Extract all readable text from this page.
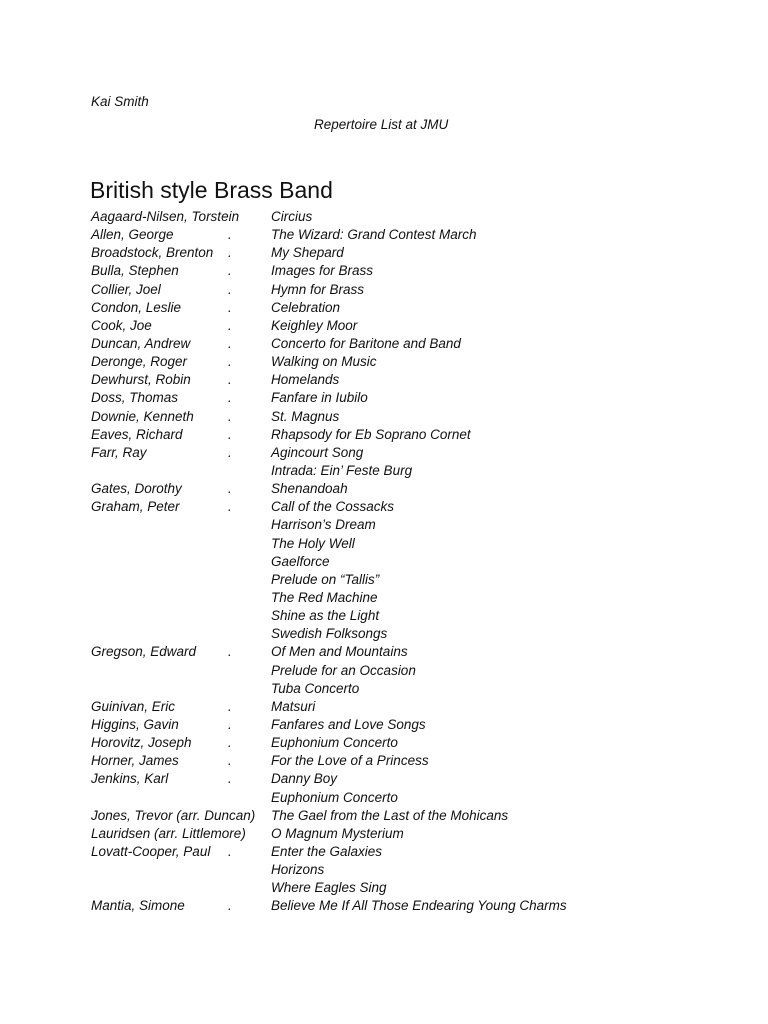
Kai Smith
Repertoire List at JMU
British style Brass Band
Aagaard-Nilsen, Torstein Circius
Allen, George	.	The Wizard: Grand Contest March
Broadstock, Brenton .	My Shepard
Bulla, Stephen	.	Images for Brass
Collier, Joel	.	Hymn for Brass
Condon, Leslie	.	Celebration
Cook, Joe	.	Keighley Moor
Duncan, Andrew	.	Concerto for Baritone and Band
Deronge, Roger	.	Walking on Music
Dewhurst, Robin	.	Homelands
Doss, Thomas	.	Fanfare in Iubilo
Downie, Kenneth	.	St. Magnus
Eaves, Richard	.	Rhapsody for Eb Soprano Cornet
Farr, Ray	.	Agincourt Song
Intrada: Ein’ Feste Burg
Gates, Dorothy	.	Shenandoah
Graham, Peter	.	Call of the Cossacks
Harrison’s Dream
The Holy Well
Gaelforce
Prelude on “Tallis”
The Red Machine
Shine as the Light
Swedish Folksongs
Gregson, Edward .	Of Men and Mountains
Prelude for an Occasion
Tuba Concerto
Guinivan, Eric	.	Matsuri
Higgins, Gavin	.	Fanfares and Love Songs
Horovitz, Joseph	.	Euphonium Concerto
Horner, James	.	For the Love of a Princess
Jenkins, Karl	.	Danny Boy
Euphonium Concerto
Jones, Trevor (arr. Duncan) The Gael from the Last of the Mohicans
Lauridsen (arr. Littlemore) O Magnum Mysterium
Lovatt-Cooper, Paul .	Enter the Galaxies
Horizons
Where Eagles Sing
Mantia, Simone	.	Believe Me If All Those Endearing Young Charms
